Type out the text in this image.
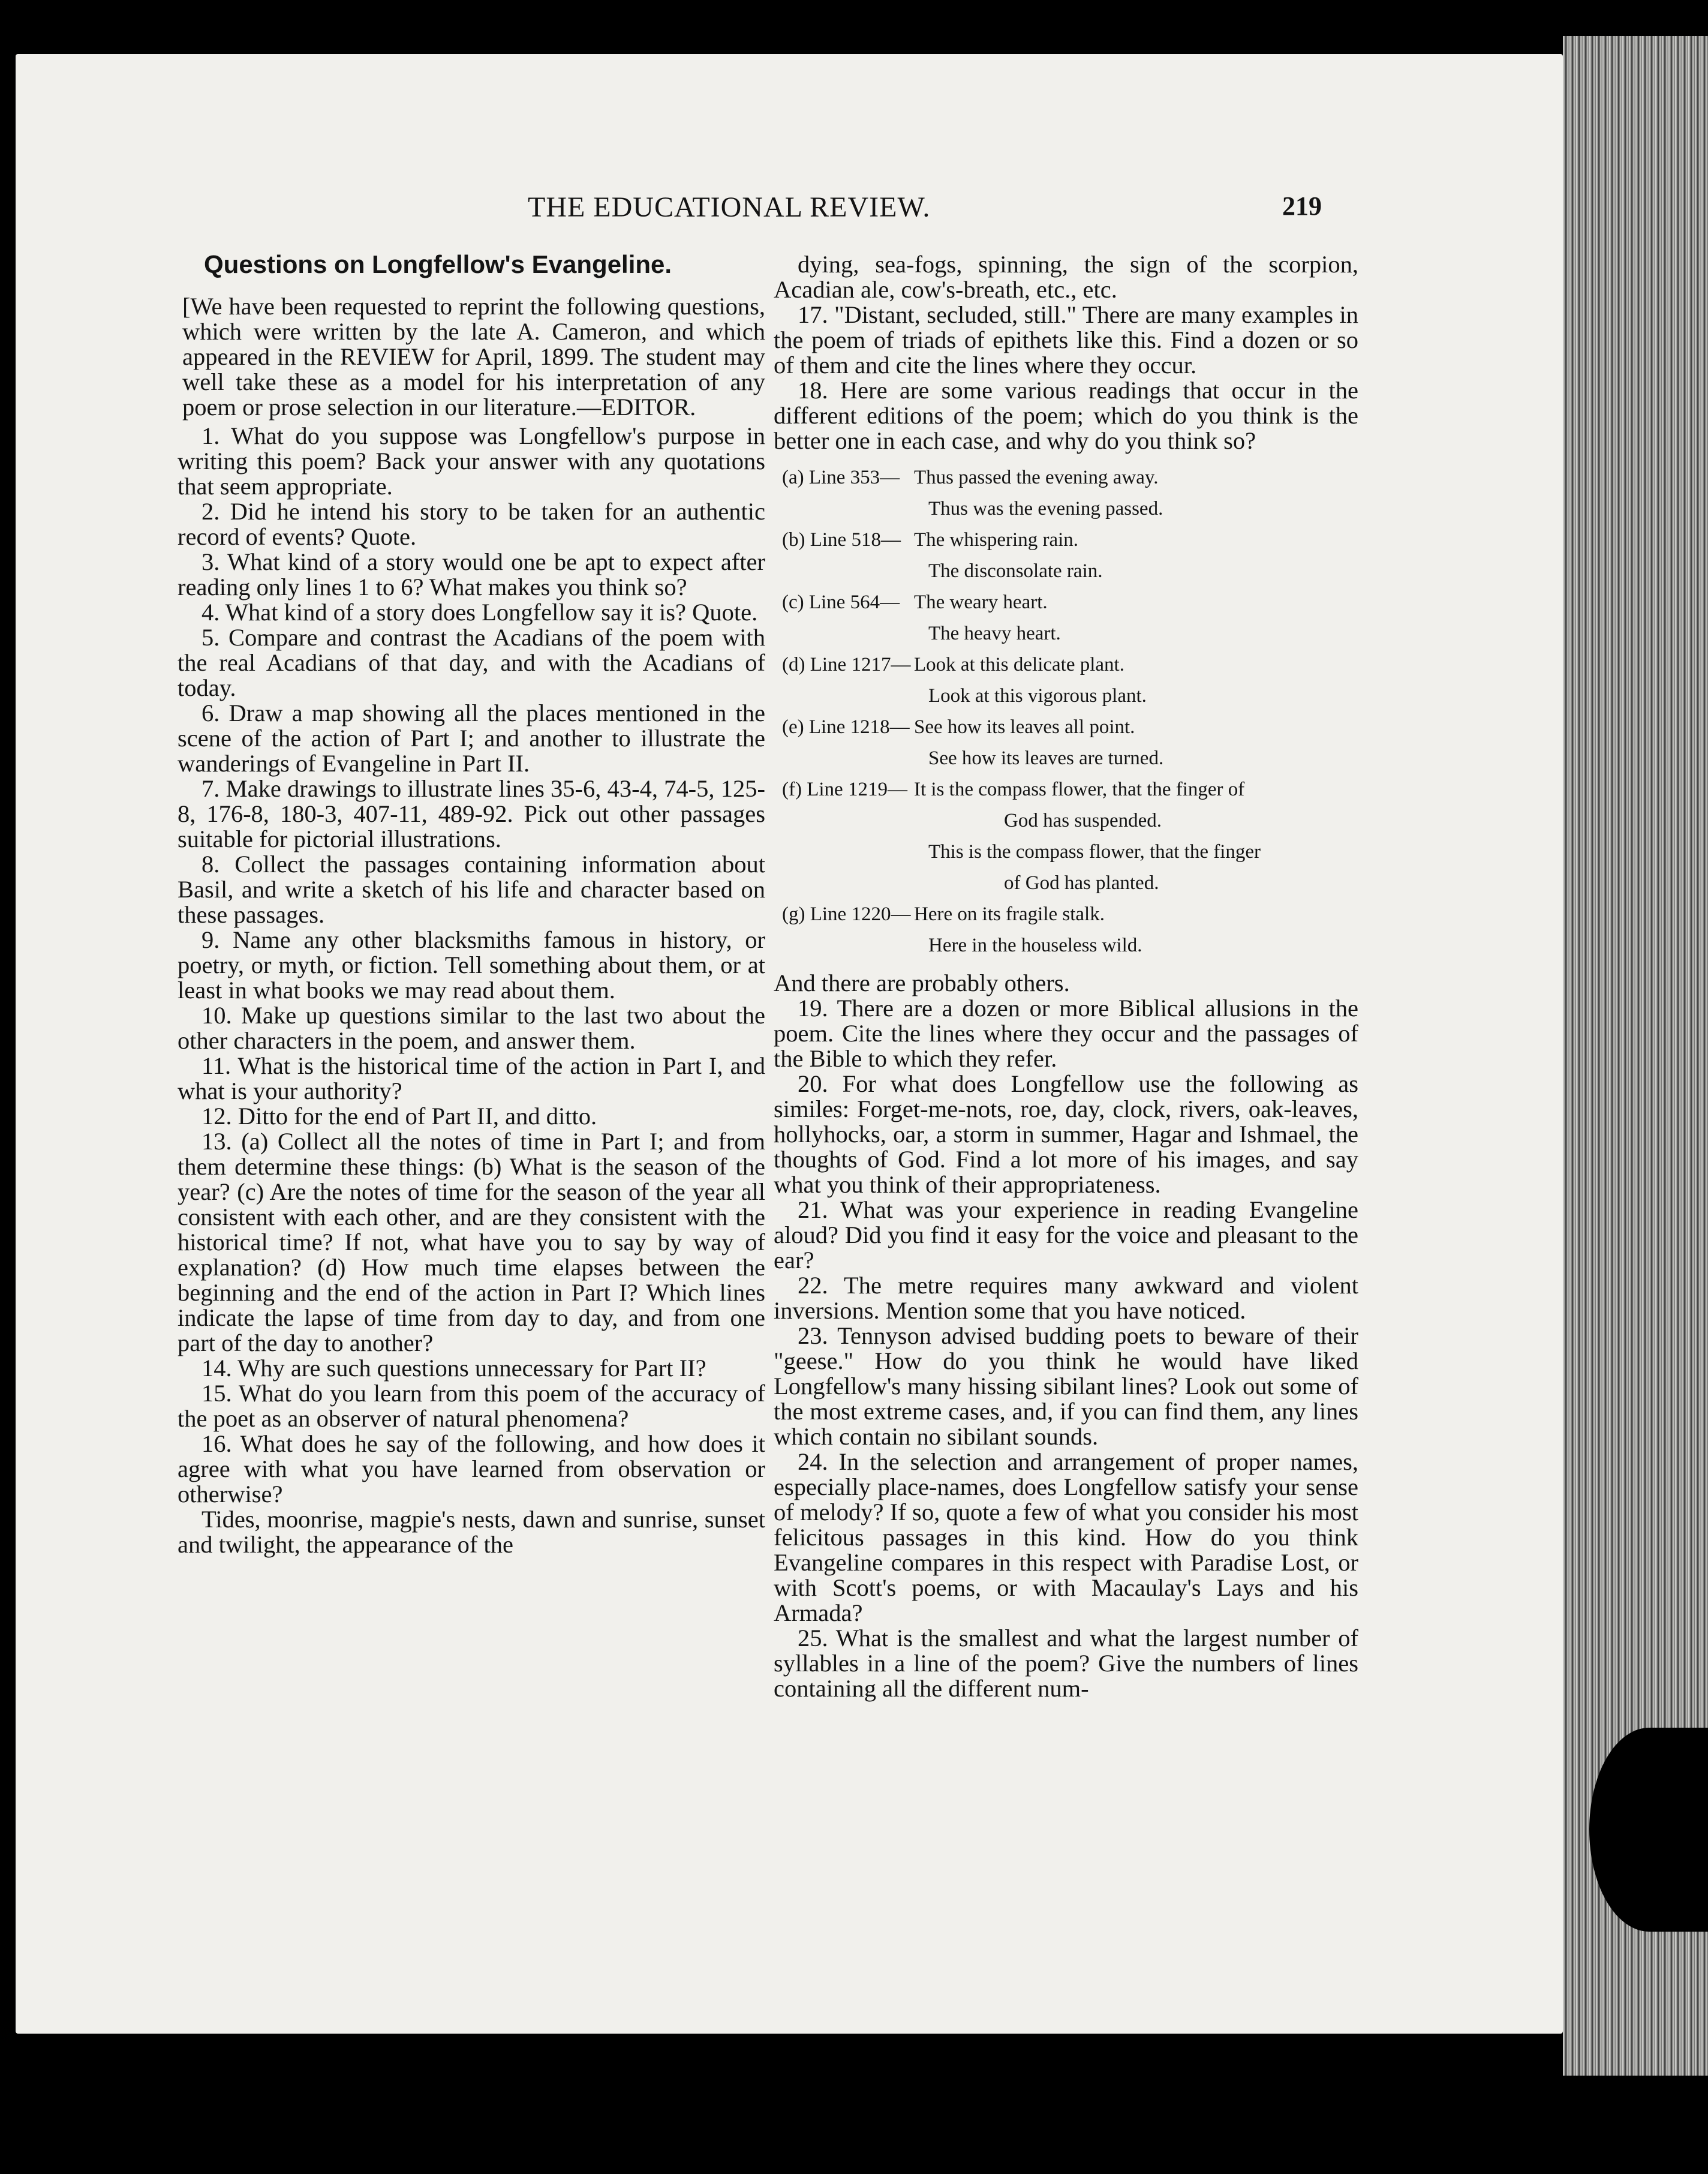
THE EDUCATIONAL REVIEW.	219
Questions on Longfellow's Evangeline.

[We have been requested to reprint the following questions, which were written by the late A. Cameron, and which appeared in the REVIEW for April, 1899. The student may well take these as a model for his interpretation of any poem or prose selection in our literature.—EDITOR.

1. What do you suppose was Longfellow's purpose in writing this poem? Back your answer with any quotations that seem appropriate.

2. Did he intend his story to be taken for an authentic record of events? Quote.

3. What kind of a story would one be apt to expect after reading only lines 1 to 6? What makes you think so?

4. What kind of a story does Longfellow say it is? Quote.

5. Compare and contrast the Acadians of the poem with the real Acadians of that day, and with the Acadians of today.

6. Draw a map showing all the places mentioned in the scene of the action of Part I; and another to illustrate the wanderings of Evangeline in Part II.

7. Make drawings to illustrate lines 35-6, 43-4, 74-5, 125-8, 176-8, 180-3, 407-11, 489-92. Pick out other passages suitable for pictorial illustrations.

8. Collect the passages containing information about Basil, and write a sketch of his life and character based on these passages.

9. Name any other blacksmiths famous in history, or poetry, or myth, or fiction. Tell something about them, or at least in what books we may read about them.

10. Make up questions similar to the last two about the other characters in the poem, and answer them.

11. What is the historical time of the action in Part I, and what is your authority?

12. Ditto for the end of Part II, and ditto.

13. (a) Collect all the notes of time in Part I; and from them determine these things: (b) What is the season of the year? (c) Are the notes of time for the season of the year all consistent with each other, and are they consistent with the historical time? If not, what have you to say by way of explanation? (d) How much time elapses between the beginning and the end of the action in Part I? Which lines indicate the lapse of time from day to day, and from one part of the day to another?

14. Why are such questions unnecessary for Part II?

15. What do you learn from this poem of the accuracy of the poet as an observer of natural phenomena?

16. What does he say of the following, and how does it agree with what you have learned from observation or otherwise?

Tides, moonrise, magpie's nests, dawn and sunrise, sunset and twilight, the appearance of the

dying, sea-fogs, spinning, the sign of the scorpion, Acadian ale, cow's-breath, etc., etc.

17. "Distant, secluded, still." There are many examples in the poem of triads of epithets like this. Find a dozen or so of them and cite the lines where they occur.

18. Here are some various readings that occur in the different editions of the poem; which do you think is the better one in each case, and why do you think so?

(a) Line 353— Thus passed the evening away.
Thus was the evening passed.
(b) Line 518— The whispering rain.
The disconsolate rain.
(c) Line 564— The weary heart.
The heavy heart.
(d) Line 1217— Look at this delicate plant.
Look at this vigorous plant.
(e) Line 1218— See how its leaves all point.
See how its leaves are turned.
(f) Line 1219— It is the compass flower, that the finger of
God has suspended.
This is the compass flower, that the finger
of God has planted.
(g) Line 1220— Here on its fragile stalk.
Here in the houseless wild.

And there are probably others.

19. There are a dozen or more Biblical allusions in the poem. Cite the lines where they occur and the passages of the Bible to which they refer.

20. For what does Longfellow use the following as similes: Forget-me-nots, roe, day, clock, rivers, oak-leaves, hollyhocks, oar, a storm in summer, Hagar and Ishmael, the thoughts of God. Find a lot more of his images, and say what you think of their appropriateness.

21. What was your experience in reading Evangeline aloud? Did you find it easy for the voice and pleasant to the ear?

22. The metre requires many awkward and violent inversions. Mention some that you have noticed.

23. Tennyson advised budding poets to beware of their "geese." How do you think he would have liked Longfellow's many hissing sibilant lines? Look out some of the most extreme cases, and, if you can find them, any lines which contain no sibilant sounds.

24. In the selection and arrangement of proper names, especially place-names, does Longfellow satisfy your sense of melody? If so, quote a few of what you consider his most felicitous passages in this kind. How do you think Evangeline compares in this respect with Paradise Lost, or with Scott's poems, or with Macaulay's Lays and his Armada?

25. What is the smallest and what the largest number of syllables in a line of the poem? Give the numbers of lines containing all the different num-
